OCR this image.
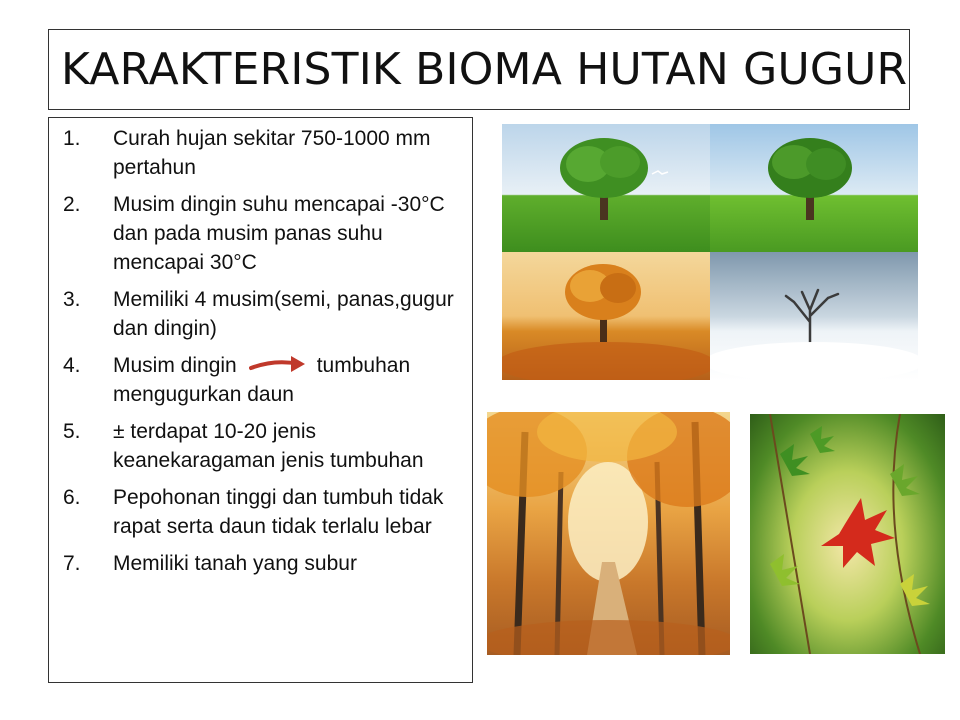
KARAKTERISTIK BIOMA HUTAN GUGUR
1.	Curah hujan sekitar 750-1000 mm pertahun
2.	Musim dingin suhu mencapai -30°C dan pada musim panas suhu mencapai 30°C
3.	Memiliki 4 musim(semi, panas,gugur dan dingin)
4.	Musim dingin	tumbuhan mengugurkan daun
5.	± terdapat 10-20 jenis keanekaragaman jenis tumbuhan
6.	Pepohonan tinggi dan tumbuh tidak rapat serta daun tidak terlalu lebar
7.	Memiliki tanah yang subur
